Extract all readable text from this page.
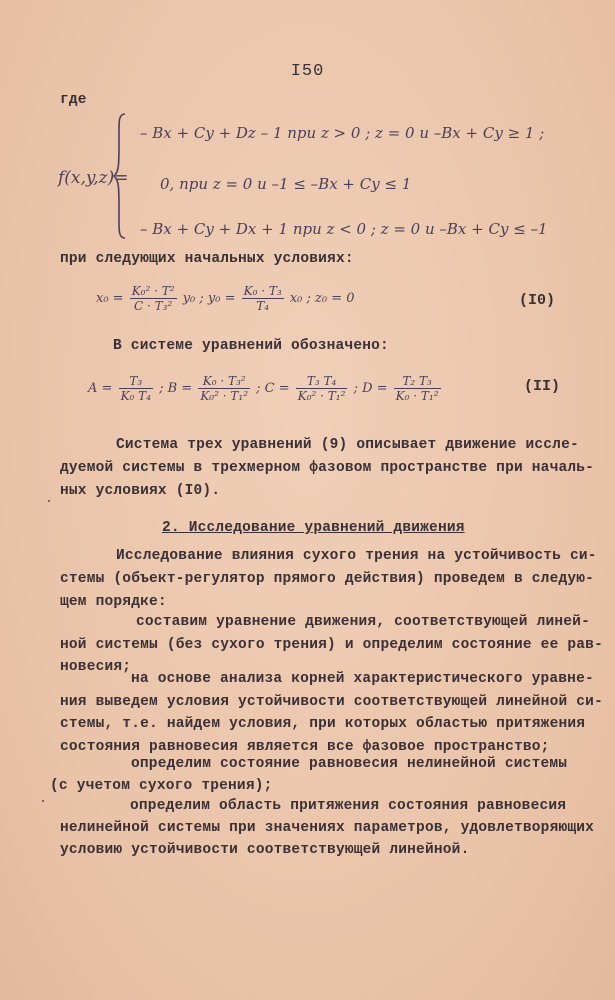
I50
где
f(x,y,z)=
– Bx + Cy + Dz – 1 при z > 0 ; z = 0 и –Bx + Cy ≥ 1 ;
0, при z = 0 и –1 ≤ –Bx + Cy ≤ 1
– Bx + Cy + Dx + 1 при z < 0 ; z = 0 и –Bx + Cy ≤ –1
при следующих начальных условиях:
$x_0 = \frac{\text{K₀² · T²}}{\text{C · T₃²}} y_0$ ; $y_0 = \frac{\text{K₀ · T₃}}{\text{T₄}} x_0$ ; z₀ = 0	(I0)
В системе уравнений обозначено:
$A = \frac{\text{T₃}}{\text{K₀ T₄}}$ ; $B = \frac{\text{K₀ · T₃²}}{\text{K₀² · T₁²}}$ ; $C = \frac{\text{T₃ T₄}}{\text{K₀² · T₁²}}$ ; $D = \frac{\text{T₂ T₃}}{\text{K₀ · T₁²}}$	(II)
Система трех уравнений (9) описывает движение иссле-
дуемой системы в трехмерном фазовом пространстве при началь-
ных условиях (I0).
2. Исследование уравнений движения
Исследование влияния сухого трения на устойчивость си-
стемы (объект-регулятор прямого действия) проведем в следую-
щем порядке:
составим уравнение движения, соответствующей линей-
ной системы (без сухого трения) и определим состояние ее рав-
новесия;
на основе анализа корней характеристического уравне-
ния выведем условия устойчивости соответствующей линейной си-
стемы, т.е. найдем условия, при которых областью притяжения
состояния равновесия является все фазовое пространство;
определим состояние равновесия нелинейной системы
(с учетом сухого трения);
определим область притяжения состояния равновесия
нелинейной системы при значениях параметров, удовлетворяющих
условию устойчивости соответствующей линейной.
